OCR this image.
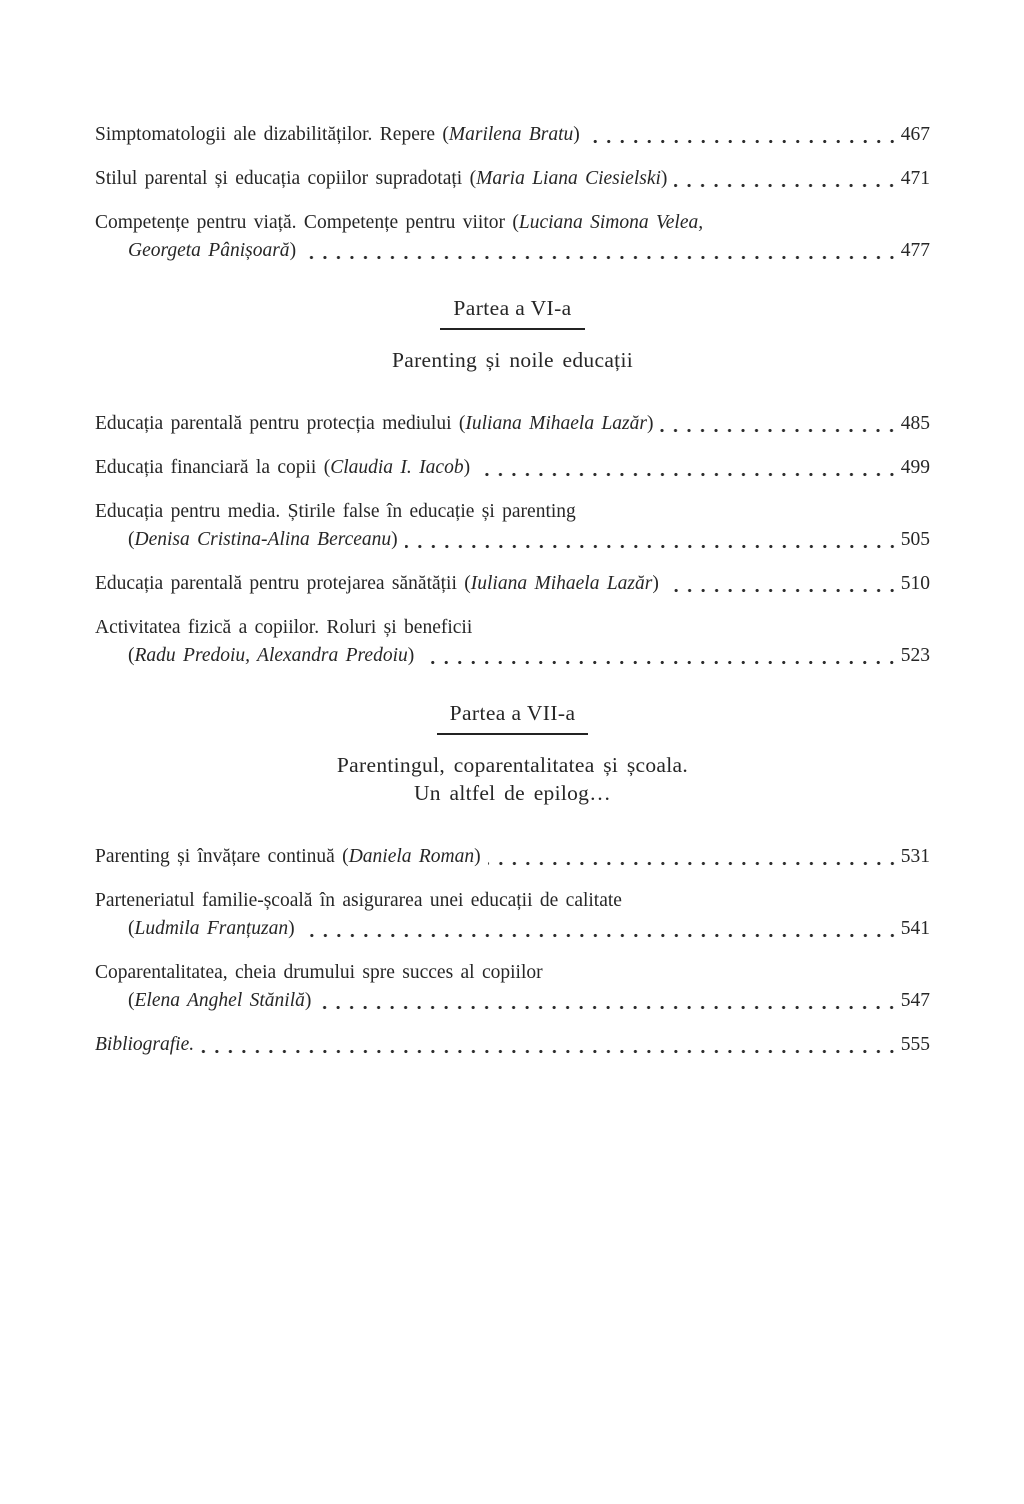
Simptomatologii ale dizabilităților. Repere ( Marilena Bratu )	467
Stilul parental și educația copiilor supradotați ( Maria Liana Ciesielski )	471
Competențe pentru viață. Competențe pentru viitor ( Luciana Simona Velea,
Georgeta Pânișoară )	477
Partea a VI-a
Parenting și noile educații
Educația parentală pentru protecția mediului ( Iuliana Mihaela Lazăr )	485
Educația financiară la copii ( Claudia I. Iacob )	499
Educația pentru media. Știrile false în educație și parenting
( Denisa Cristina-Alina Berceanu )	505
Educația parentală pentru protejarea sănătății ( Iuliana Mihaela Lazăr )	510
Activitatea fizică a copiilor. Roluri și beneficii
( Radu Predoiu, Alexandra Predoiu )	523
Partea a VII-a
Parentingul, coparentalitatea și școala.
Un altfel de epilog…
Parenting și învățare continuă ( Daniela Roman )	531
Parteneriatul familie-școală în asigurarea unei educații de calitate
( Ludmila Franțuzan )	541
Coparentalitatea, cheia drumului spre succes al copiilor
( Elena Anghel Stănilă )	547
Bibliografie.	555
